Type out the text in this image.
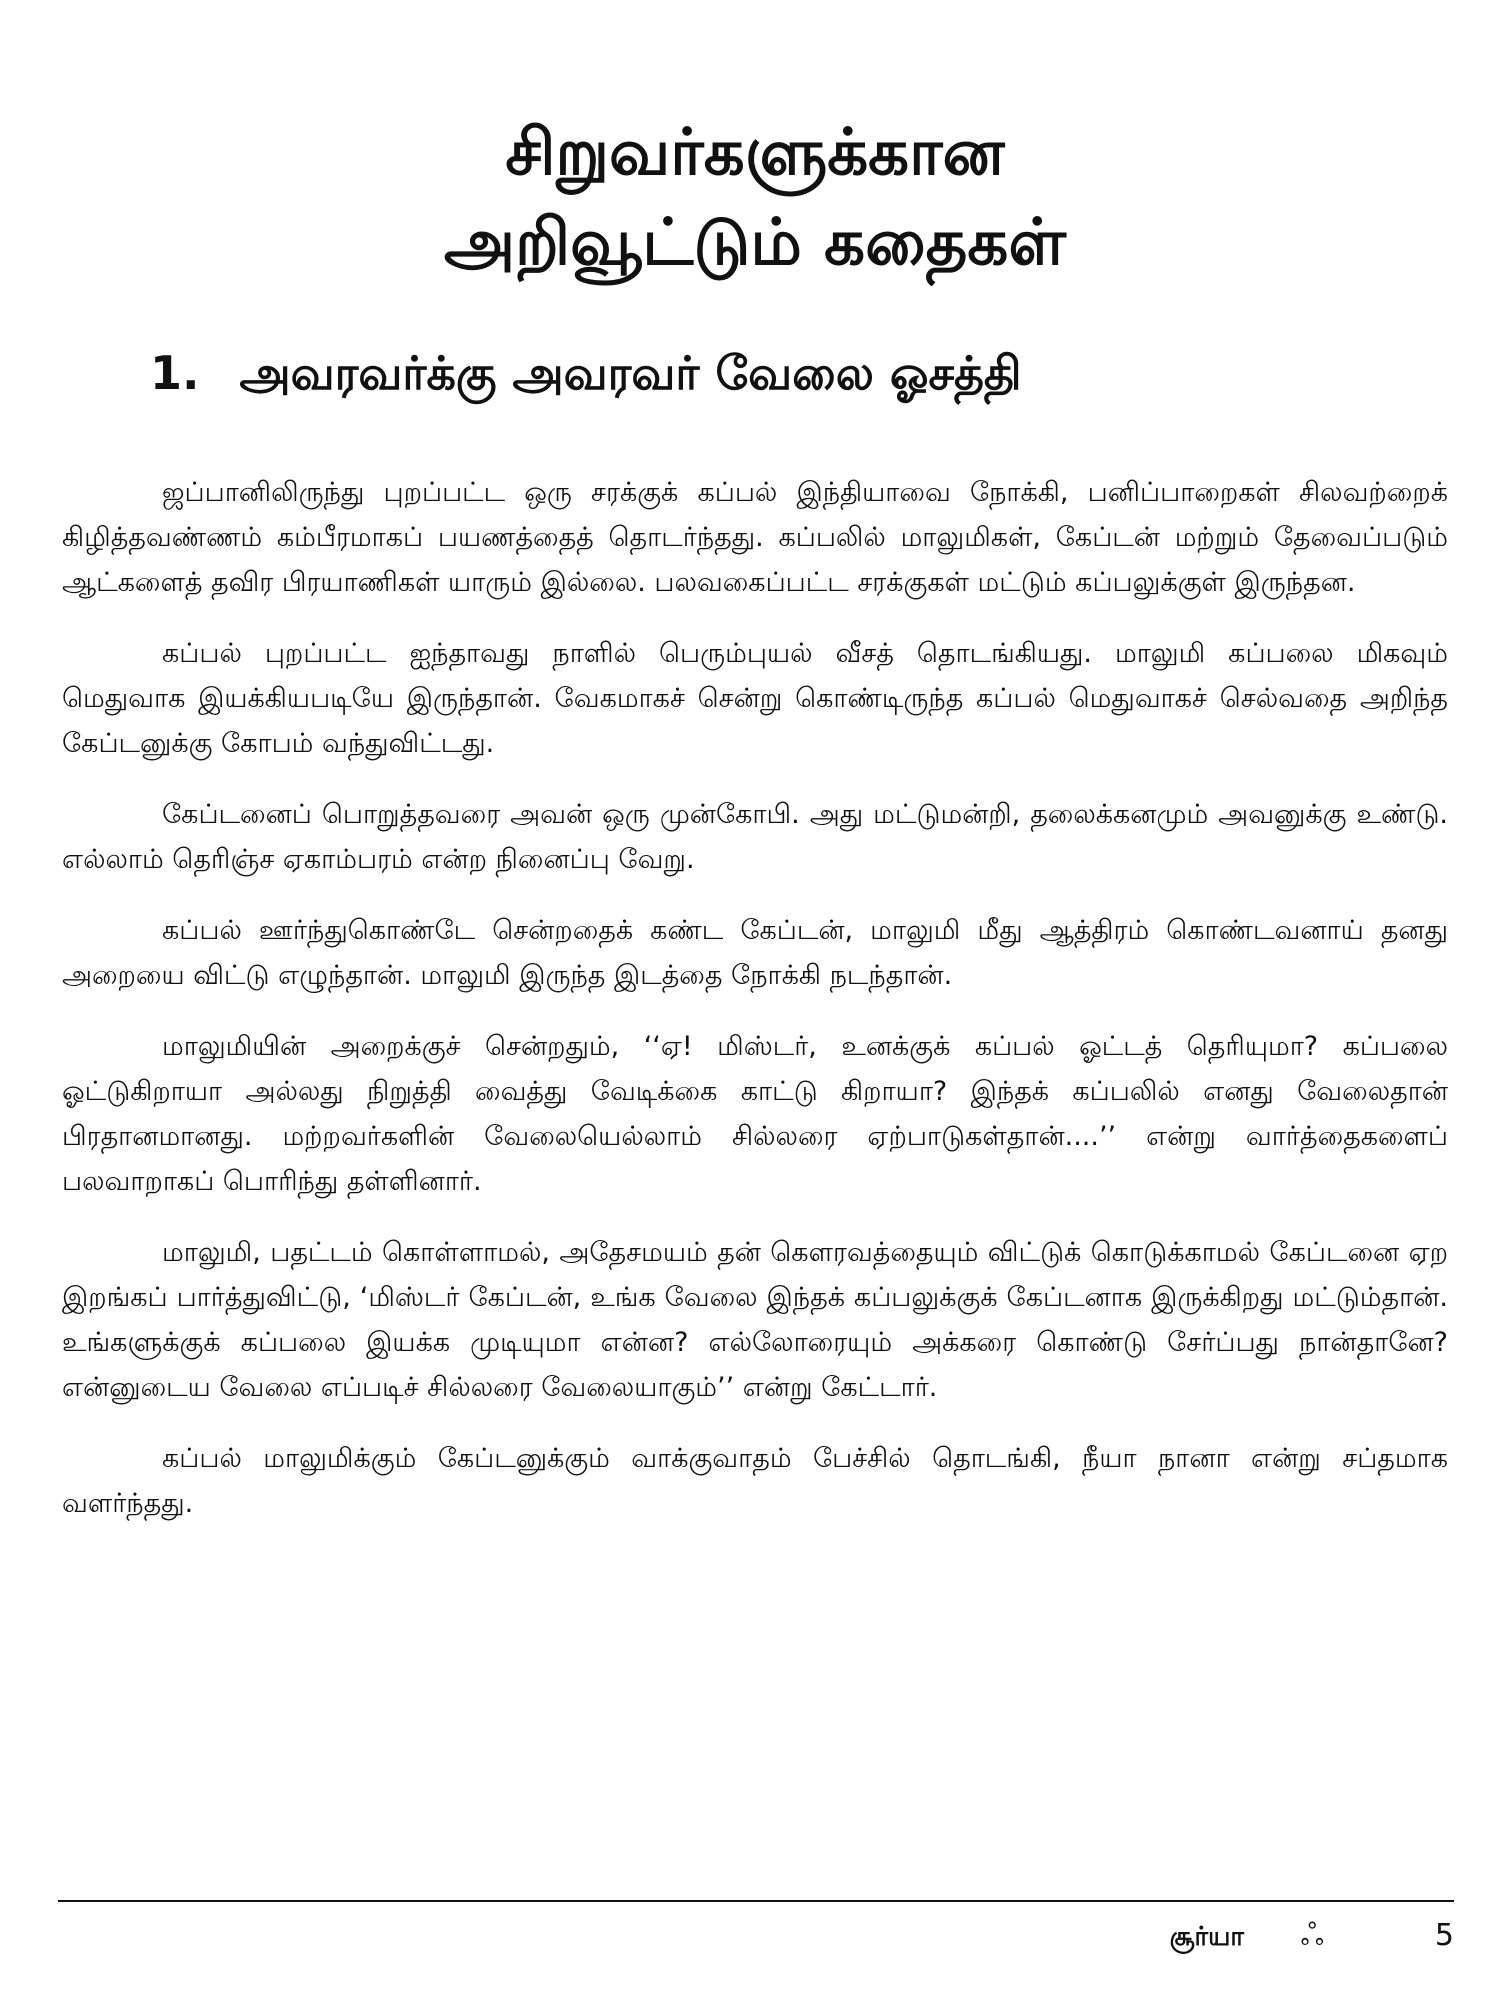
சிறுவர்களுக்கான
அறிவூட்டும் கதைகள்
1. அவரவர்க்கு அவரவர் வேலை ஓசத்தி

ஜப்பானிலிருந்து புறப்பட்ட ஒரு சரக்குக் கப்பல் இந்தியாவை நோக்கி, பனிப்பாறைகள் சிலவற்றைக் கிழித்தவண்ணம் கம்பீரமாகப் பயணத்தைத் தொடர்ந்தது. கப்பலில் மாலுமிகள், கேப்டன் மற்றும் தேவைப்படும் ஆட்களைத் தவிர பிரயாணிகள் யாரும் இல்லை. பலவகைப்பட்ட சரக்குகள் மட்டும் கப்பலுக்குள் இருந்தன.

கப்பல் புறப்பட்ட ஐந்தாவது நாளில் பெரும்புயல் வீசத் தொடங்கியது. மாலுமி கப்பலை மிகவும் மெதுவாக இயக்கியபடியே இருந்தான். வேகமாகச் சென்று கொண்டிருந்த கப்பல் மெதுவாகச் செல்வதை அறிந்த கேப்டனுக்கு கோபம் வந்துவிட்டது.

கேப்டனைப் பொறுத்தவரை அவன் ஒரு முன்கோபி. அது மட்டுமன்றி, தலைக்கனமும் அவனுக்கு உண்டு. எல்லாம் தெரிஞ்ச ஏகாம்பரம் என்ற நினைப்பு வேறு.

கப்பல் ஊர்ந்துகொண்டே சென்றதைக் கண்ட கேப்டன், மாலுமி மீது ஆத்திரம் கொண்டவனாய் தனது அறையை விட்டு எழுந்தான். மாலுமி இருந்த இடத்தை நோக்கி நடந்தான்.

மாலுமியின் அறைக்குச் சென்றதும், ‘‘ஏ! மிஸ்டர், உனக்குக் கப்பல் ஓட்டத் தெரியுமா? கப்பலை ஓட்டுகிறாயா அல்லது நிறுத்தி வைத்து வேடிக்கை காட்டு கிறாயா? இந்தக் கப்பலில் எனது வேலைதான் பிரதானமானது. மற்றவர்களின் வேலையெல்லாம் சில்லரை ஏற்பாடுகள்தான்....’’ என்று வார்த்தைகளைப் பலவாறாகப் பொரிந்து தள்ளினார்.

மாலுமி, பதட்டம் கொள்ளாமல், அதேசமயம் தன் கௌரவத்தையும் விட்டுக் கொடுக்காமல் கேப்டனை ஏற இறங்கப் பார்த்துவிட்டு, ‘மிஸ்டர் கேப்டன், உங்க வேலை இந்தக் கப்பலுக்குக் கேப்டனாக இருக்கிறது மட்டும்தான். உங்களுக்குக் கப்பலை இயக்க முடியுமா என்ன? எல்லோரையும் அக்கரை கொண்டு சேர்ப்பது நான்தானே? என்னுடைய வேலை எப்படிச் சில்லரை வேலையாகும்’’ என்று கேட்டார்.

கப்பல் மாலுமிக்கும் கேப்டனுக்கும் வாக்குவாதம் பேச்சில் தொடங்கி, நீயா நானா என்று சப்தமாக வளர்ந்தது.

சூர்யா ஃ	5
